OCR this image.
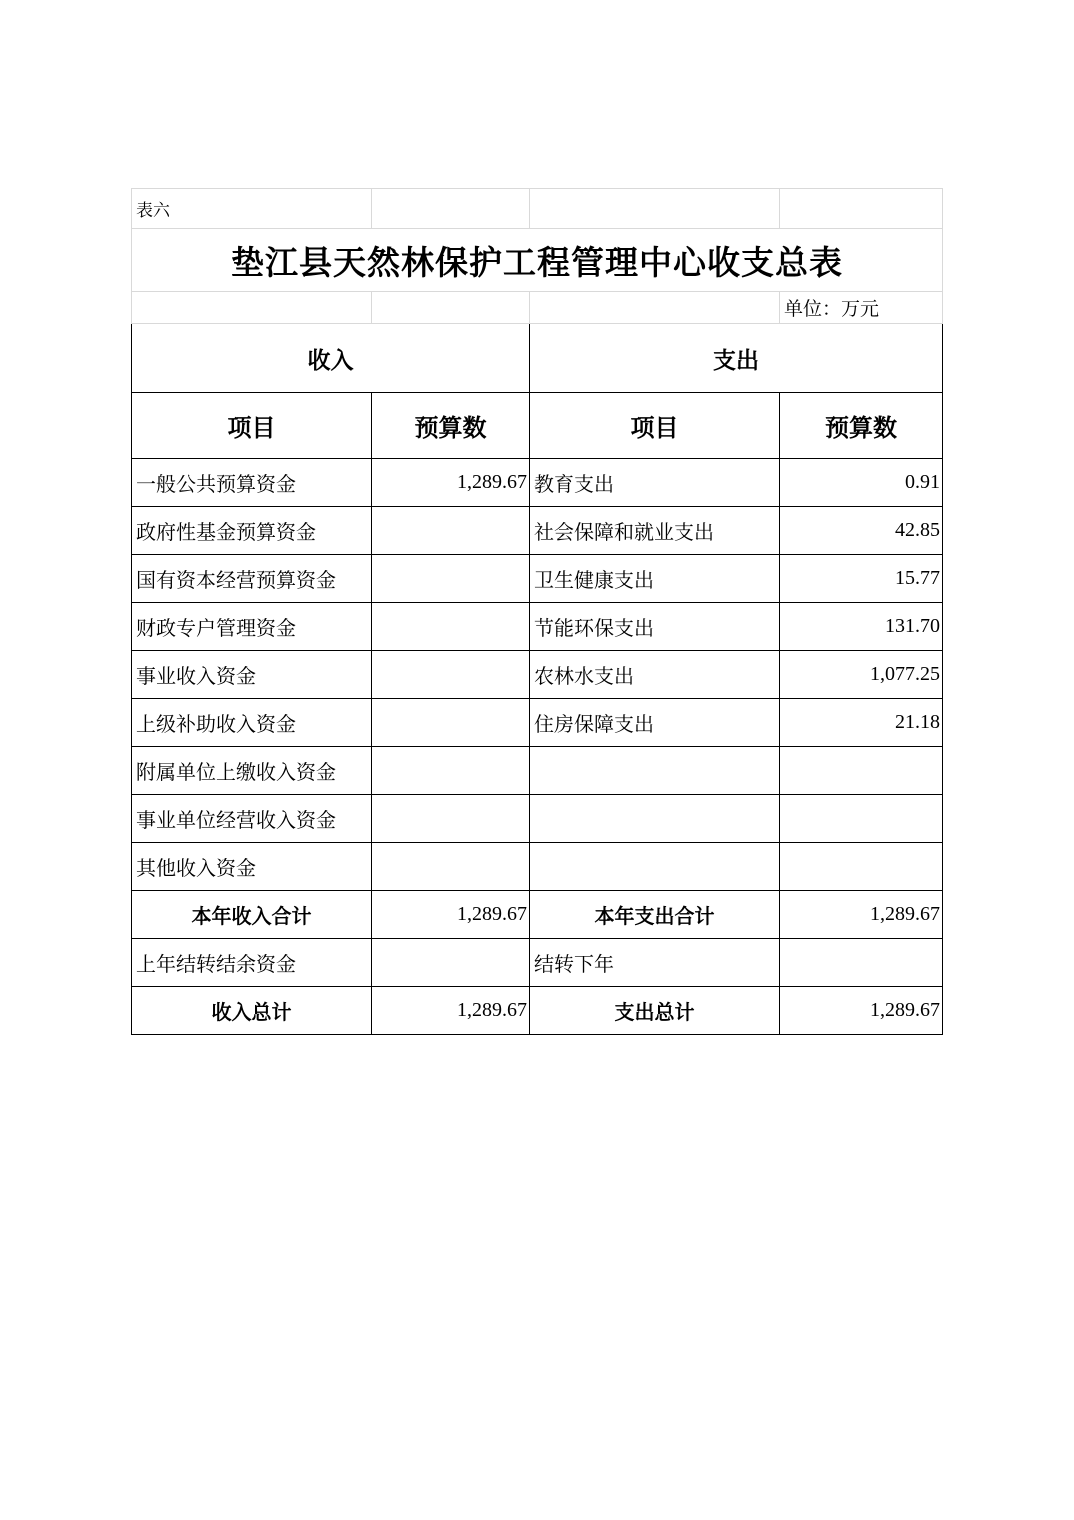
表六			
垫江县天然林保护工程管理中心收支总表			
			单位：万元
收入		支出	
项目	预算数	项目	预算数
一般公共预算资金	1,289.67	教育支出	0.91
政府性基金预算资金		社会保障和就业支出	42.85
国有资本经营预算资金		卫生健康支出	15.77
财政专户管理资金		节能环保支出	131.70
事业收入资金		农林水支出	1,077.25
上级补助收入资金		住房保障支出	21.18
附属单位上缴收入资金			
事业单位经营收入资金			
其他收入资金			
本年收入合计	1,289.67	本年支出合计	1,289.67
上年结转结余资金		结转下年	
收入总计	1,289.67	支出总计	1,289.67
